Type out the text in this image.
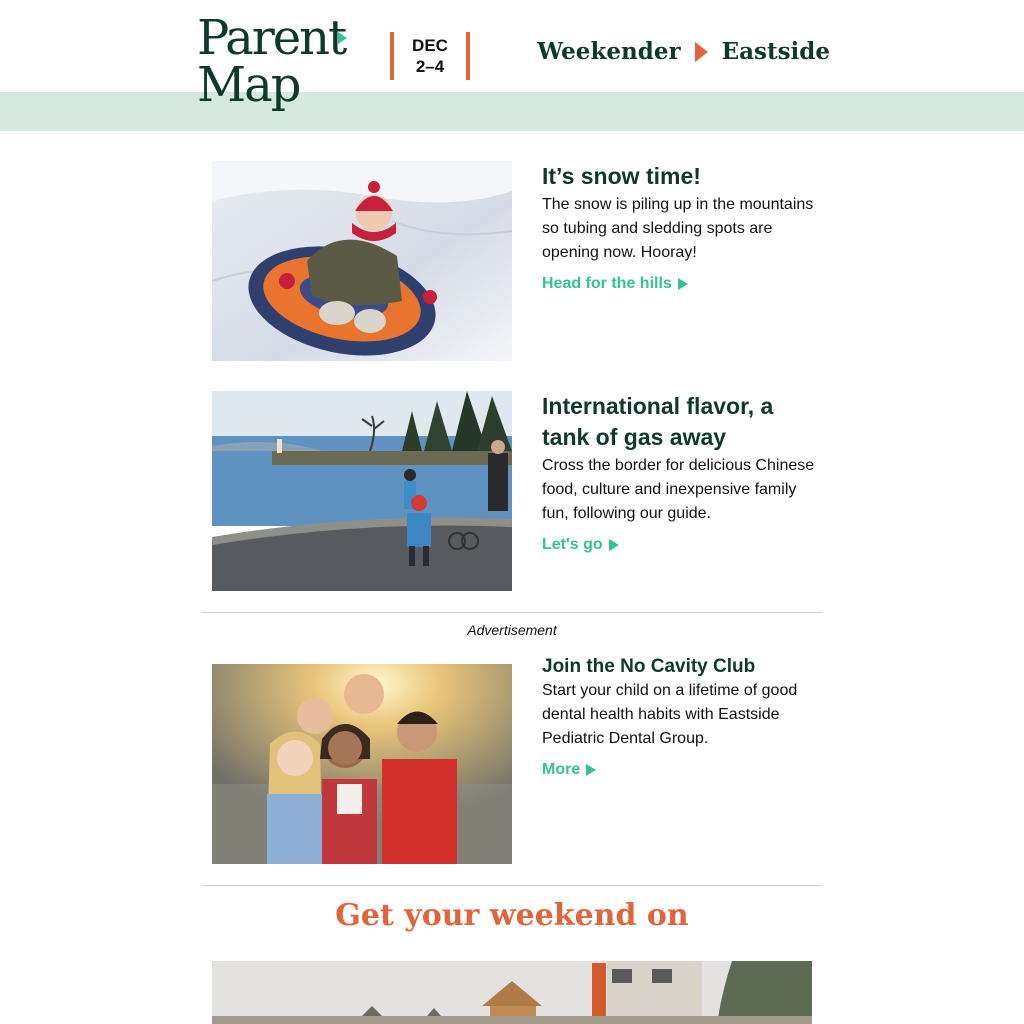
Parent
Map
DEC
2–4
Weekender Eastside
It’s snow time!

The snow is piling up in the mountains so tubing and sledding spots are opening now. Hooray!

Head for the hills
International flavor, a tank of gas away

Cross the border for delicious Chinese food, culture and inexpensive family fun, following our guide.

Let's go
Advertisement
Join the No Cavity Club

Start your child on a lifetime of good dental health habits with Eastside Pediatric Dental Group.

More
Get your weekend on
